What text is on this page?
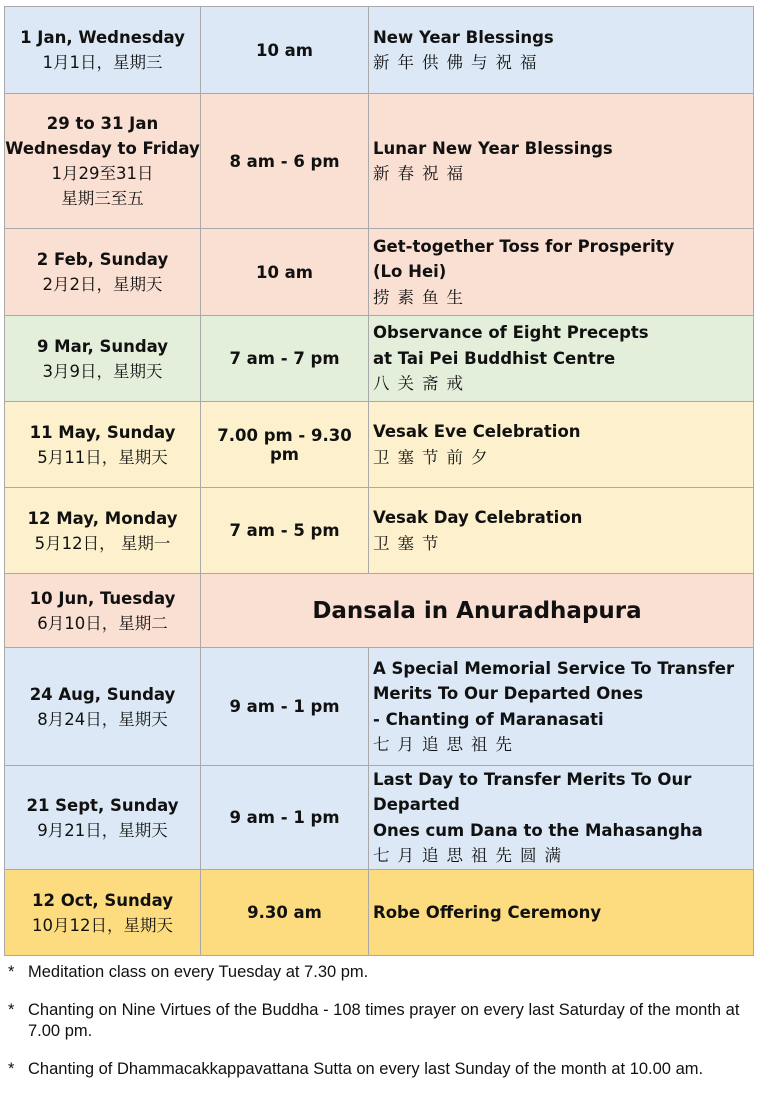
1 Jan, Wednesday
1月1日，星期三	10 am	New Year Blessings
新年供佛与祝福

29 to 31 Jan
Wednesday to Friday
1月29至31日
星期三至五	8 am - 6 pm	Lunar New Year Blessings
新春祝福

2 Feb, Sunday
2月2日，星期天	10 am	Get-together Toss for Prosperity
(Lo Hei)
捞素鱼生

9 Mar, Sunday
3月9日，星期天	7 am - 7 pm	Observance of Eight Precepts
at Tai Pei Buddhist Centre
八关斋戒

11 May, Sunday
5月11日，星期天	7.00 pm - 9.30 pm	Vesak Eve Celebration
卫塞节前夕

12 May, Monday
5月12日， 星期一	7 am - 5 pm	Vesak Day Celebration
卫塞节

10 Jun, Tuesday
6月10日，星期二	Dansala in Anuradhapura	

24 Aug, Sunday
8月24日，星期天	9 am - 1 pm	A Special Memorial Service To Transfer
Merits To Our Departed Ones
- Chanting of Maranasati
七月追思祖先

21 Sept, Sunday
9月21日，星期天	9 am - 1 pm	Last Day to Transfer Merits To Our Departed
Ones cum Dana to the Mahasangha
七月追思祖先圆满

12 Oct, Sunday
10月12日，星期天	9.30 am	Robe Offering Ceremony
* Meditation class on every Tuesday at 7.30 pm.
* Chanting on Nine Virtues of the Buddha - 108 times prayer on every last Saturday of the month at 7.00 pm.
* Chanting of Dhammacakkappavattana Sutta on every last Sunday of the month at 10.00 am.
